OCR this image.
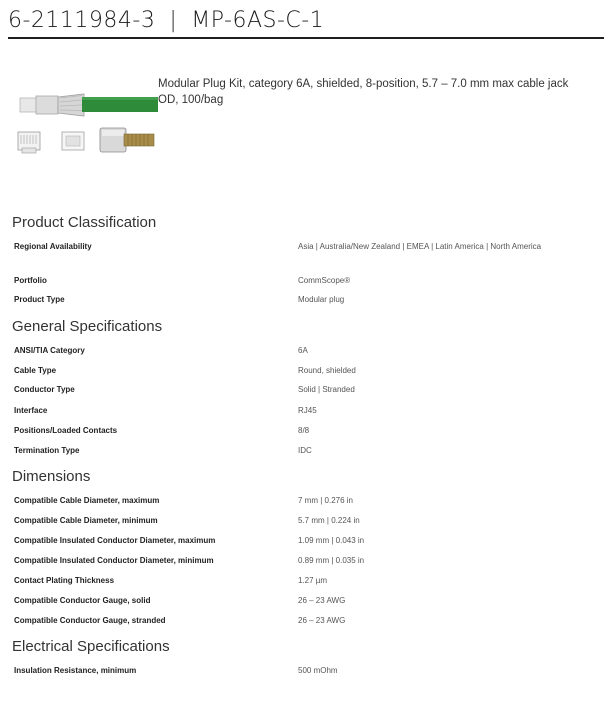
6-2111984-3 | MP-6AS-C-1
Modular Plug Kit, category 6A, shielded, 8-position, 5.7 – 7.0 mm max cable jack OD, 100/bag
Product Classification
Regional Availability	Asia | Australia/New Zealand | EMEA | Latin America | North America
Portfolio	CommScope®
Product Type	Modular plug
General Specifications
ANSI/TIA Category	6A
Cable Type	Round, shielded
Conductor Type	Solid | Stranded
Interface	RJ45
Positions/Loaded Contacts	8/8
Termination Type	IDC
Dimensions
Compatible Cable Diameter, maximum	7 mm | 0.276 in
Compatible Cable Diameter, minimum	5.7 mm | 0.224 in
Compatible Insulated Conductor Diameter, maximum	1.09 mm | 0.043 in
Compatible Insulated Conductor Diameter, minimum	0.89 mm | 0.035 in
Contact Plating Thickness	1.27 µm
Compatible Conductor Gauge, solid	26 – 23 AWG
Compatible Conductor Gauge, stranded	26 – 23 AWG
Electrical Specifications
Insulation Resistance, minimum	500 mOhm
